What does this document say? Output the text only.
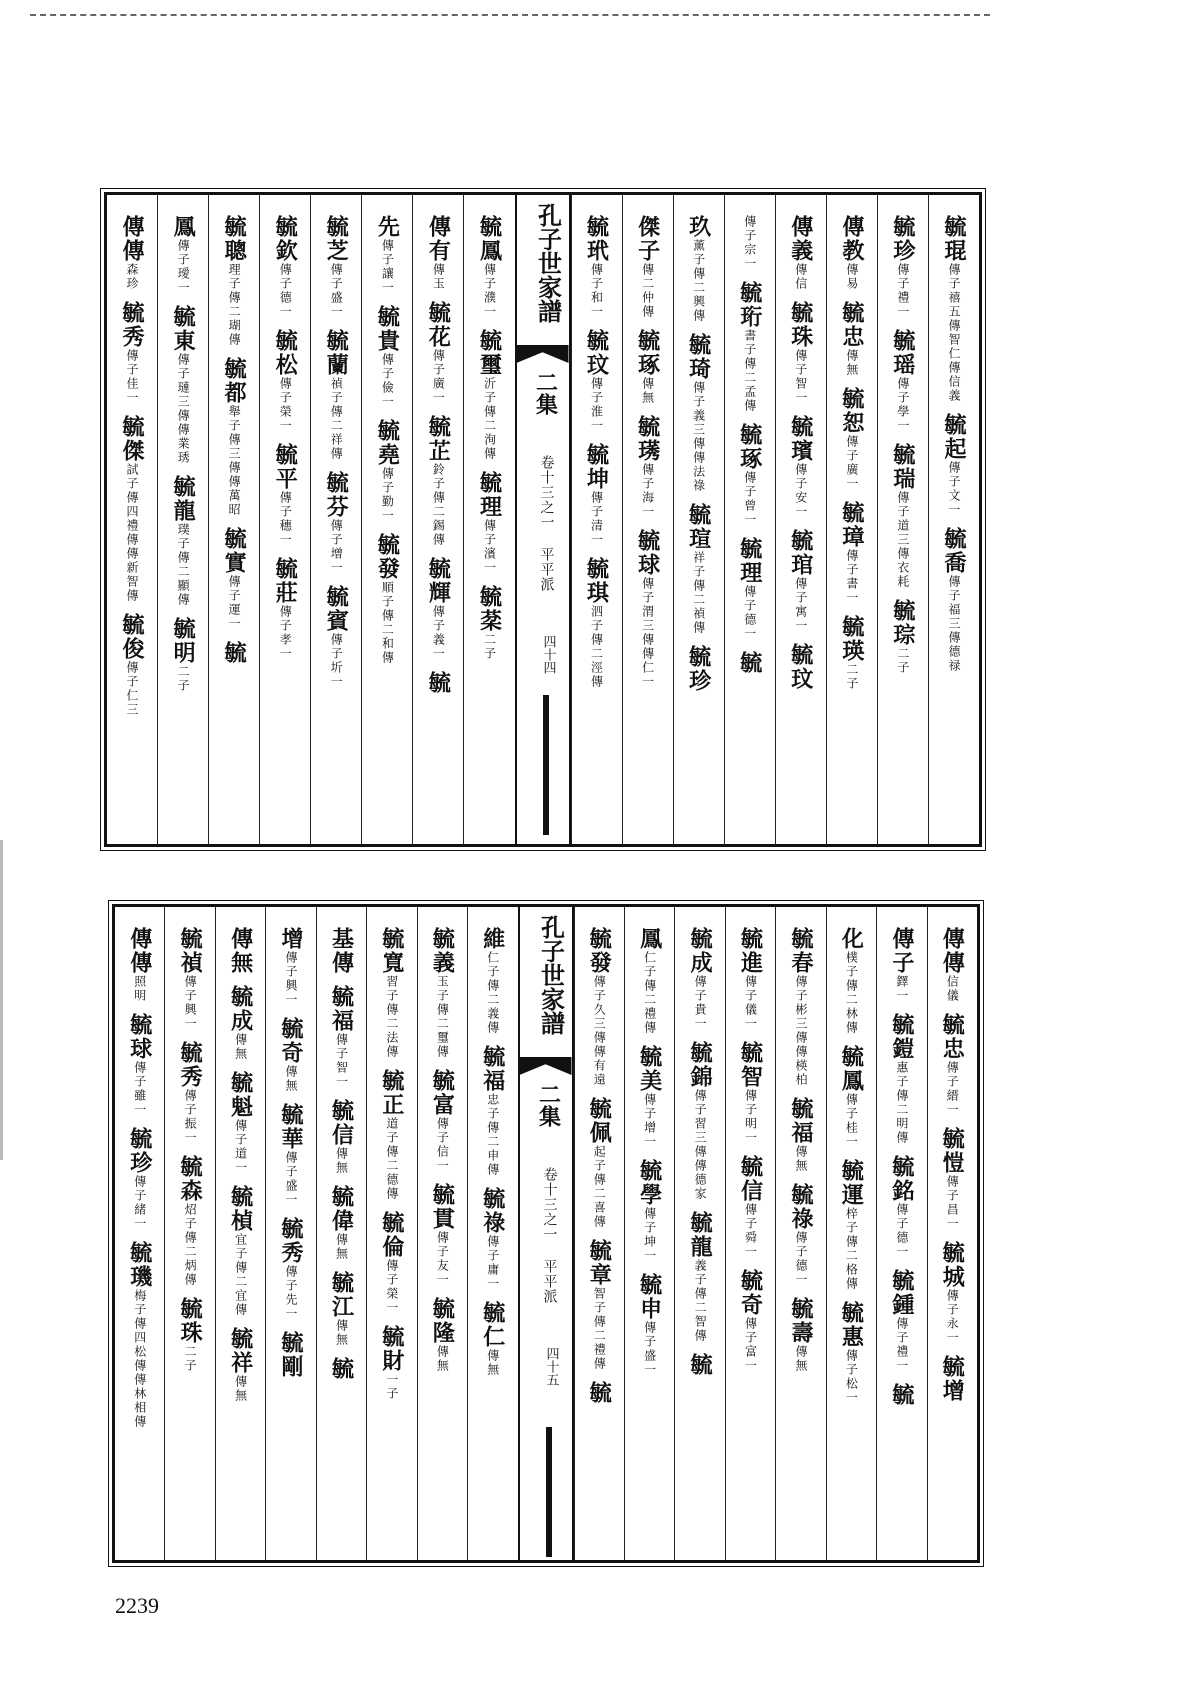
毓琨傳子禧五傳智仁傳信義毓起傳子文一毓喬傳子福三傳德禄
毓珍傳子禮一毓瑶傳子學一毓瑞傳子道三傳衣耗毓琮二子
傳教傳易毓忠傳無毓恕傳子廣一毓璋傳子書一毓瑛二子
傳義傳信毓珠傳子智一毓璸傳子安一毓琯傳子寓一毓玟
傳子宗一毓珩書子傳二孟傳毓琢傳子曾一毓理傳子德一毓
玖薰子傳二興傳毓琦傳子義三傳傳法祿毓瑄祥子傳二禎傳毓珍
傑子傳二仲傳毓琢傳無毓璓傳子海一毓球傳子渭三傳傳仁一
毓玳傳子和一毓玟傳子淮一毓坤傳子清一毓琪泗子傳二涇傳
孔子世家譜
二集
卷十三之一 平平派
四十四
毓鳳傳子濮一毓璽沂子傳二洵傳毓理傳子濱一毓棻二子
傳有傳玉毓花傳子廣一毓芷鈴子傳二錫傳毓輝傳子義一毓
先傳子讓一毓貴傳子儉一毓堯傳子勤一毓發順子傳二和傳
毓芝傳子盛一毓蘭禎子傳二祥傳毓芬傳子增一毓賓傳子圻一
毓欽傳子德一毓松傳子榮一毓平傳子穗一毓莊傳子孝一
毓聰理子傳二瑚傳毓都舉子傳三傳傳萬昭毓實傳子運一毓
鳳傳子璦一毓東傳子璉三傳傳業琇毓龍璞子傳二顯傳毓明二子
傳傳森珍毓秀傳子佳一毓傑試子傳四禮傳傳新智傳毓俊傳子仁三
傳傳信儀毓忠傳子縉一毓愷傳子昌一毓城傳子永一毓增
傳子鐸一毓鎧惠子傳二明傳毓銘傳子德一毓鍾傳子禮一毓
化樸子傳二林傳毓鳳傳子桂一毓運梓子傳二格傳毓惠傳子松一
毓春傳子彬三傳傳楧柏毓福傳無毓祿傳子德一毓壽傳無
毓進傳子儀一毓智傳子明一毓信傳子舜一毓奇傳子富一
毓成傳子貴一毓錦傳子習三傳傳德家毓龍義子傳二智傳毓
鳳仁子傳二禮傳毓美傳子增一毓學傳子坤一毓申傳子盛一
毓發傳子久三傳傳有遠毓佩起子傳二喜傳毓章智子傳二禮傳毓
孔子世家譜
二集
卷十三之一 平平派
四十五
維仁子傳二義傳毓福忠子傳二申傳毓祿傳子庸一毓仁傳無
毓義玉子傳二璽傳毓富傳子信一毓貫傳子友一毓隆傳無
毓寬習子傳二法傳毓正道子傳二德傳毓倫傳子榮一毓財一子
基傳毓福傳子智一毓信傳無毓偉傳無毓江傳無毓
增傳子興一毓奇傳無毓華傳子盛一毓秀傳子先一毓剛
傳無毓成傳無毓魁傳子道一毓楨宜子傳二宜傳毓祥傳無
毓禎傳子興一毓秀傳子振一毓森炤子傳二炳傳毓珠二子
傳傳照明毓球傳子雖一毓珍傳子緒一毓璣梅子傳四松傳傳林相傳
2239
